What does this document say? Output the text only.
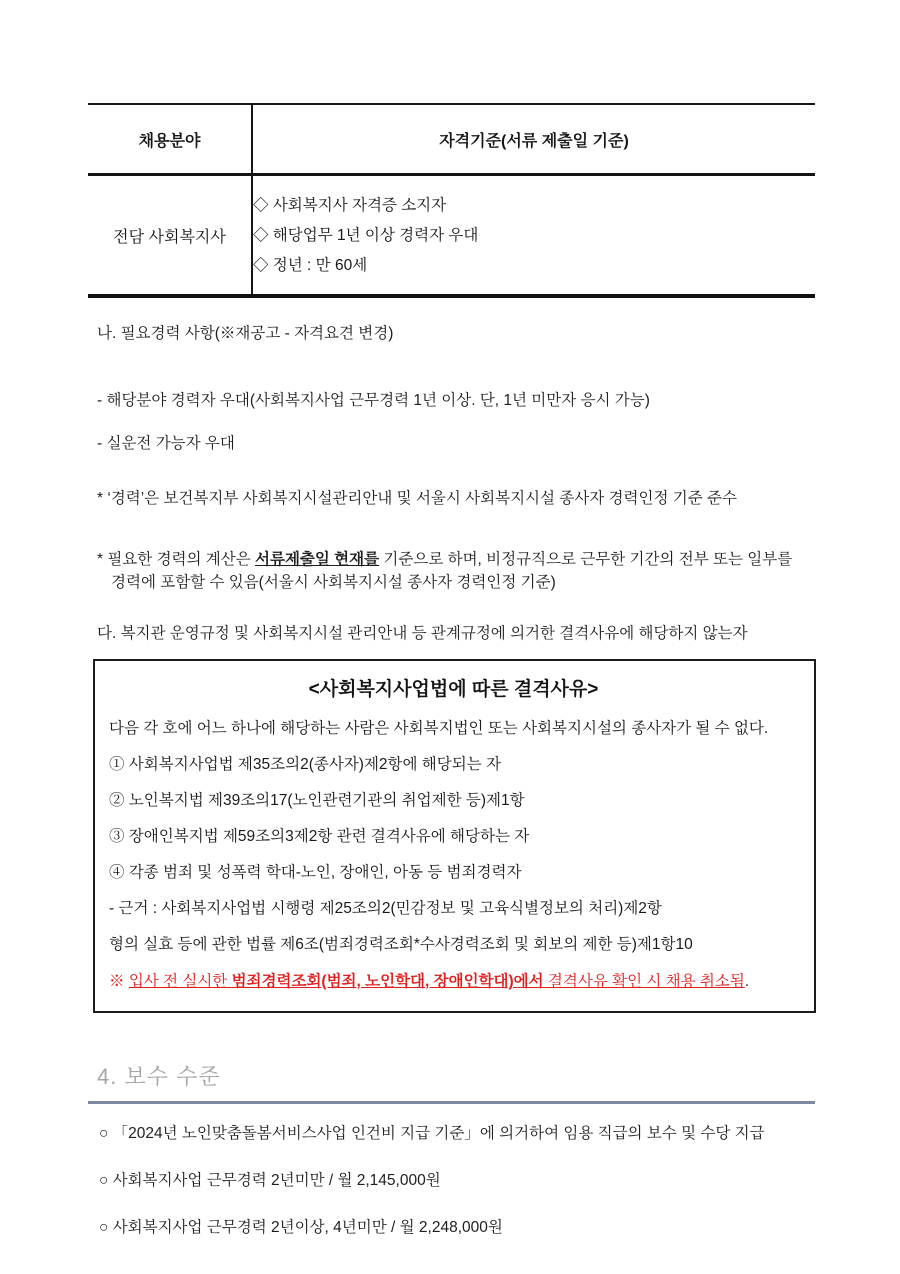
채용분야	자격기준(서류 제출일 기준)
전담 사회복지사	◇ 사회복지사 자격증 소지자
◇ 해당업무 1년 이상 경력자 우대
◇ 정년 : 만 60세

나. 필요경력 사항(※재공고 - 자격요견 변경)

- 해당분야 경력자 우대(사회복지사업 근무경력 1년 이상. 단, 1년 미만자 응시 가능)

- 실운전 가능자 우대

* ‘경력’은 보건복지부 사회복지시설관리안내 및 서울시 사회복지시설 종사자 경력인정 기준 준수

* 필요한 경력의 계산은 서류제출일 현재를 기준으로 하며, 비정규직으로 근무한 기간의 전부 또는 일부를 경력에 포함할 수 있음(서울시 사회복지시설 종사자 경력인정 기준)

다. 복지관 운영규정 및 사회복지시설 관리안내 등 관계규정에 의거한 결격사유에 해당하지 않는자

<사회복지사업법에 따른 결격사유>

다음 각 호에 어느 하나에 해당하는 사람은 사회복지법인 또는 사회복지시설의 종사자가 될 수 없다.

① 사회복지사업법 제35조의2(종사자)제2항에 해당되는 자

② 노인복지법 제39조의17(노인관련기관의 취업제한 등)제1항

③ 장애인복지법 제59조의3제2항 관련 결격사유에 해당하는 자

④ 각종 범죄 및 성폭력 학대-노인, 장애인, 아동 등 범죄경력자

- 근거 : 사회복지사업법 시행령 제25조의2(민감정보 및 고육식별정보의 처리)제2항

형의 실효 등에 관한 법률 제6조(범죄경력조회*수사경력조회 및 회보의 제한 등)제1항10

※ 입사 전 실시한 범죄경력조회(범죄, 노인학대, 장애인학대)에서 결격사유 확인 시 채용 취소됨.

4. 보수 수준

○ 「2024년 노인맞춤돌봄서비스사업 인건비 지급 기준」에 의거하여 임용 직급의 보수 및 수당 지급

○ 사회복지사업 근무경력 2년미만 / 월 2,145,000원

○ 사회복지사업 근무경력 2년이상, 4년미만 / 월 2,248,000원
